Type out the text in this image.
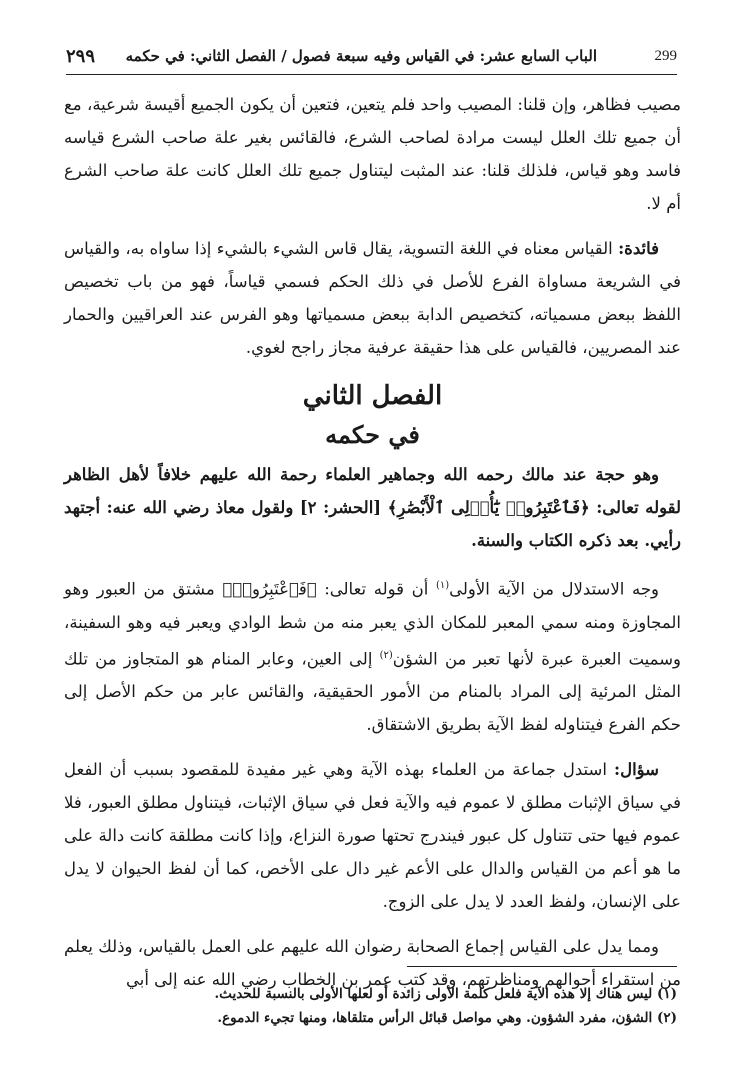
٢٩٩ الباب السابع عشر: في القياس وفيه سبعة فصول / الفصل الثاني: في حكمه	299

مصيب فظاهر، وإن قلنا: المصيب واحد فلم يتعين، فتعين أن يكون الجميع أقيسة شرعية، مع أن جميع تلك العلل ليست مرادة لصاحب الشرع، فالقائس بغير علة صاحب الشرع قياسه فاسد وهو قياس، فلذلك قلنا: عند المثبت ليتناول جميع تلك العلل كانت علة صاحب الشرع أم لا.

فائدة: القياس معناه في اللغة التسوية، يقال قاس الشيء بالشيء إذا ساواه به، والقياس في الشريعة مساواة الفرع للأصل في ذلك الحكم فسمي قياساً، فهو من باب تخصيص اللفظ ببعض مسمياته، كتخصيص الدابة ببعض مسمياتها وهو الفرس عند العراقيين والحمار عند المصريين، فالقياس على هذا حقيقة عرفية مجاز راجح لغوي.

الفصل الثاني
في حكمه

وهو حجة عند مالك رحمه الله وجماهير العلماء رحمة الله عليهم خلافاً لأهل الظاهر لقوله تعالى: ﴿فَٱعْتَبِرُوا۟ يَٰٓأُو۟لِى ٱلْأَبْصَٰرِ﴾ [الحشر: ٢] ولقول معاذ رضي الله عنه: أجتهد رأيي. بعد ذكره الكتاب والسنة.

وجه الاستدلال من الآية الأولى$^{(١)}$ أن قوله تعالى: ﴿فَٱعْتَبِرُوا۟﴾ مشتق من العبور وهو المجاوزة ومنه سمي المعبر للمكان الذي يعبر منه من شط الوادي ويعبر فيه وهو السفينة، وسميت العبرة عبرة لأنها تعبر من الشؤن$^{(٢)}$ إلى العين، وعابر المنام هو المتجاوز من تلك المثل المرئية إلى المراد بالمنام من الأمور الحقيقية، والقائس عابر من حكم الأصل إلى حكم الفرع فيتناوله لفظ الآية بطريق الاشتقاق.

سؤال: استدل جماعة من العلماء بهذه الآية وهي غير مفيدة للمقصود بسبب أن الفعل في سياق الإثبات مطلق لا عموم فيه والآية فعل في سياق الإثبات، فيتناول مطلق العبور، فلا عموم فيها حتى تتناول كل عبور فيندرج تحتها صورة النزاع، وإذا كانت مطلقة كانت دالة على ما هو أعم من القياس والدال على الأعم غير دال على الأخص، كما أن لفظ الحيوان لا يدل على الإنسان، ولفظ العدد لا يدل على الزوج.

ومما يدل على القياس إجماع الصحابة رضوان الله عليهم على العمل بالقياس، وذلك يعلم من استقراء أحوالهم ومناظرتهم، وقد كتب عمر بن الخطاب رضي الله عنه إلى أبي

(١) ليس هناك إلا هذه الآية فلعل كلمة الأولى زائدة أو لعلها الأولى بالنسبة للحديث.
(٢) الشؤن، مفرد الشؤون. وهي مواصل قبائل الرأس متلقاها، ومنها تجيء الدموع.
